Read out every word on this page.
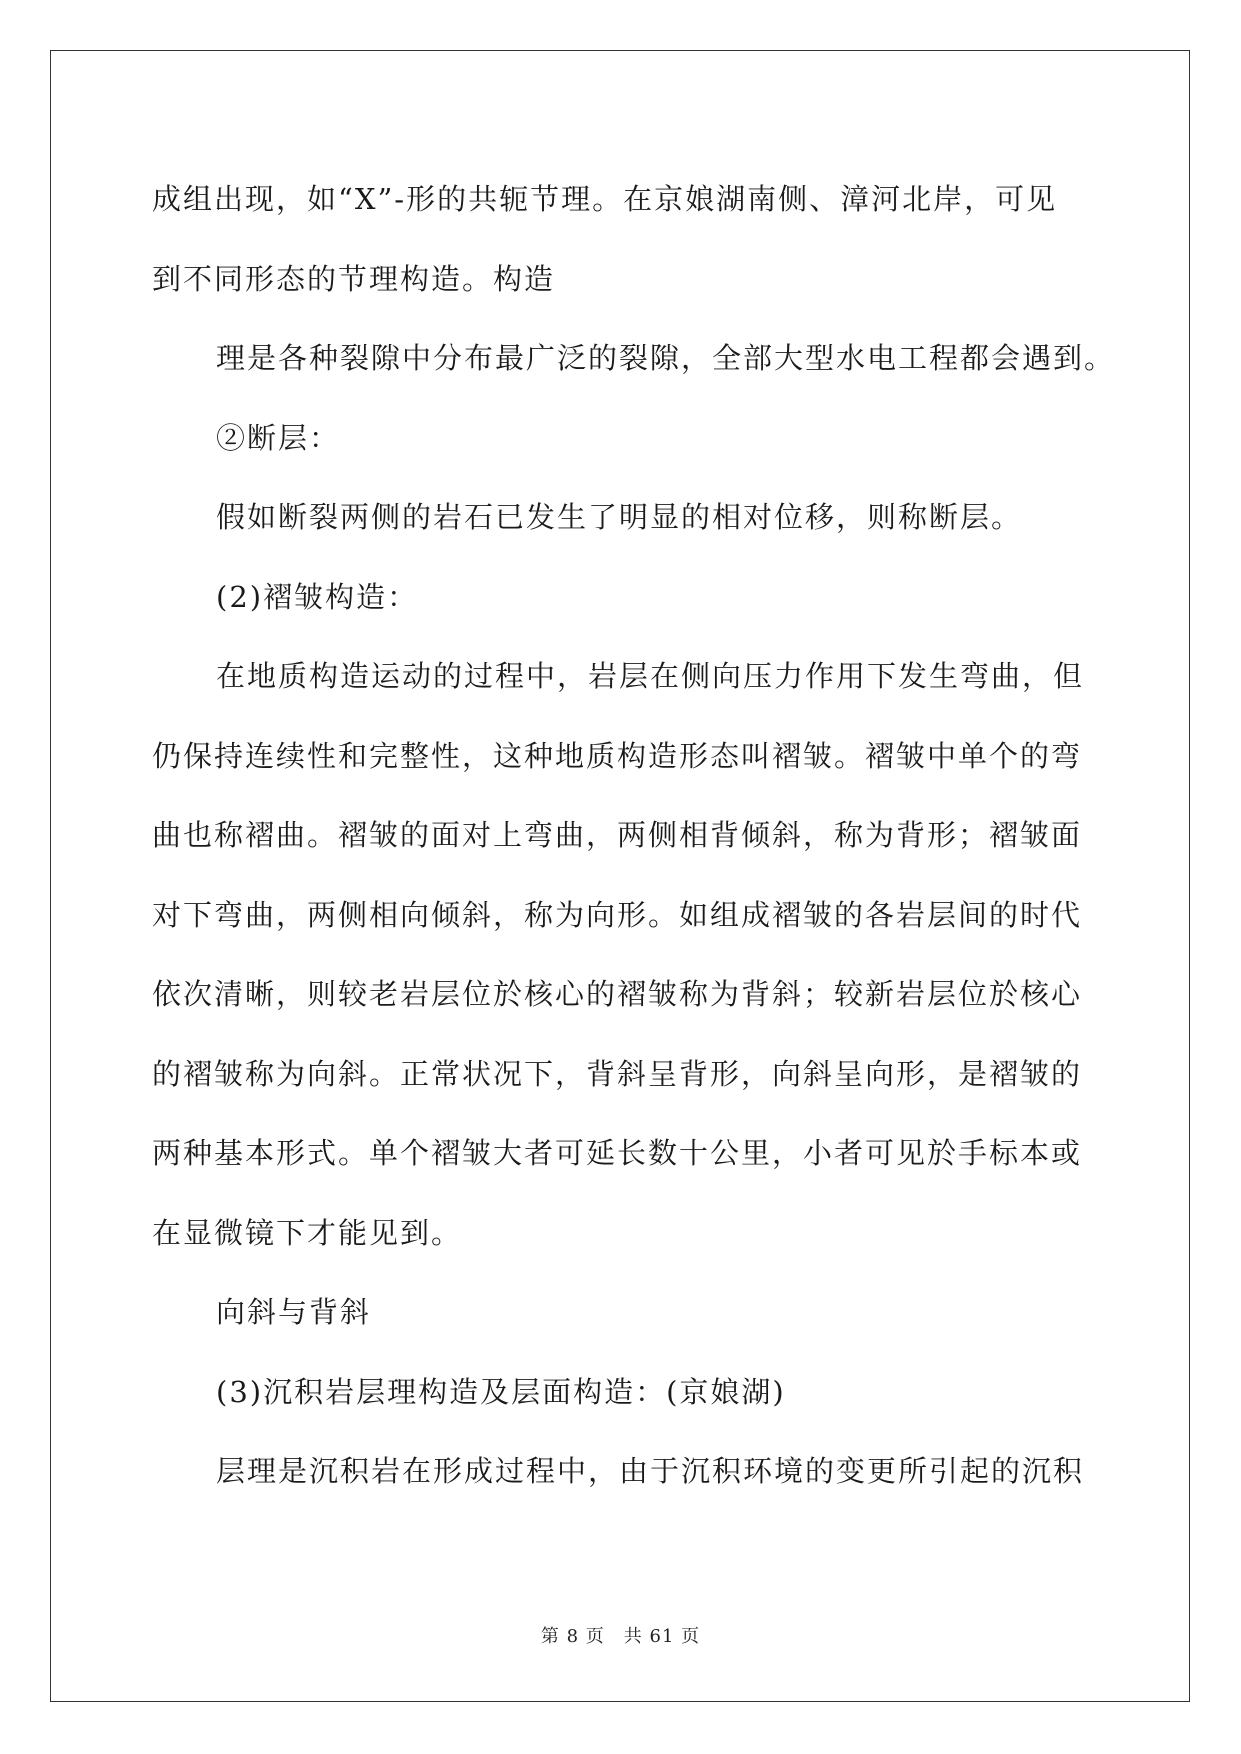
成组出现，如“X”-形的共轭节理。在京娘湖南侧、漳河北岸，可见
到不同形态的节理构造。构造
理是各种裂隙中分布最广泛的裂隙，全部大型水电工程都会遇到。
②断层：
假如断裂两侧的岩石已发生了明显的相对位移，则称断层。
(2)褶皱构造：
在地质构造运动的过程中，岩层在侧向压力作用下发生弯曲，但
仍保持连续性和完整性，这种地质构造形态叫褶皱。褶皱中单个的弯
曲也称褶曲。褶皱的面对上弯曲，两侧相背倾斜，称为背形；褶皱面
对下弯曲，两侧相向倾斜，称为向形。如组成褶皱的各岩层间的时代
依次清晰，则较老岩层位於核心的褶皱称为背斜；较新岩层位於核心
的褶皱称为向斜。正常状况下，背斜呈背形，向斜呈向形，是褶皱的
两种基本形式。单个褶皱大者可延长数十公里，小者可见於手标本或
在显微镜下才能见到。
向斜与背斜
(3)沉积岩层理构造及层面构造：(京娘湖)
层理是沉积岩在形成过程中，由于沉积环境的变更所引起的沉积
第 8 页　共 61 页
